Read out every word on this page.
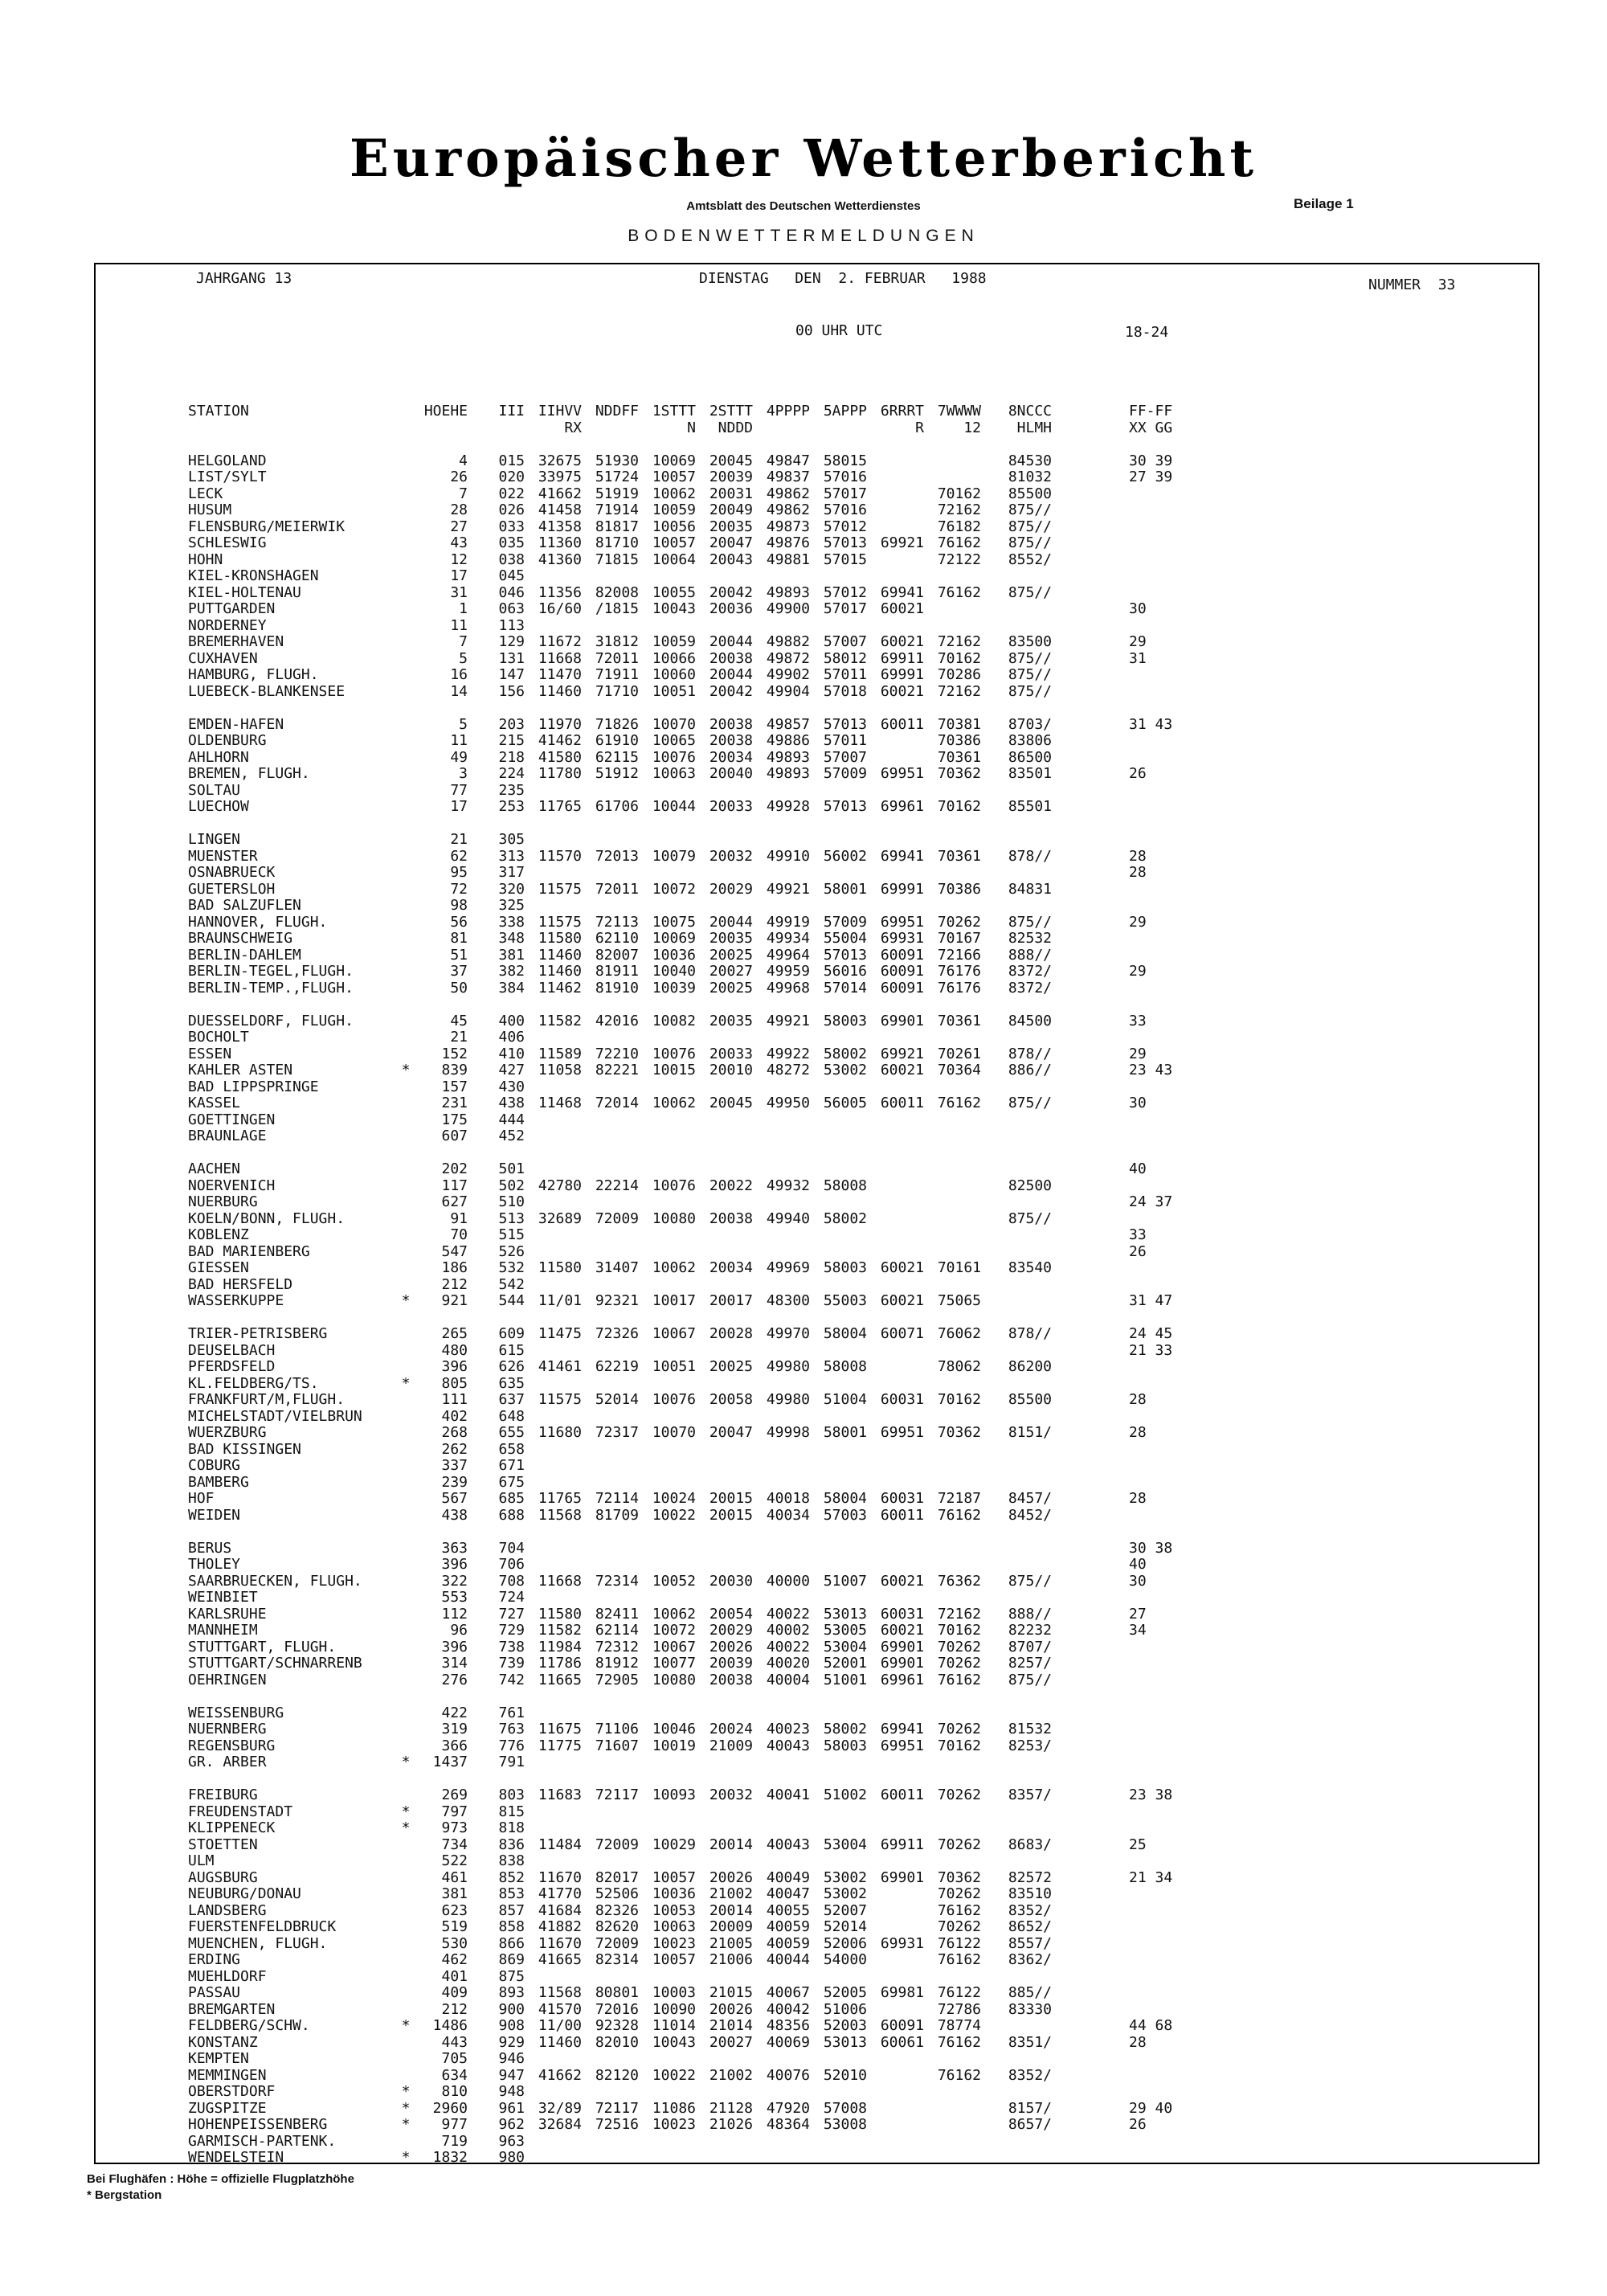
Europäischer Wetterbericht
Amtsblatt des Deutschen Wetterdienstes	Beilage 1
BODENWETTERMELDUNGEN
JAHRGANG 13	DIENSTAG   DEN  2. FEBRUAR   1988	NUMMER  33
00 UHR UTC	18-24
STATION		HOEHE	III	IIHVV	NDDFF	1STTT	2STTT	4PPPP	5APPP	6RRRT	7WWWW	8NCCC		FF-FF
				RX		N	NDDD			R	12	HLMH		XX GG

HELGOLAND		4	015	32675	51930	10069	20045	49847	58015			84530		30 39
LIST/SYLT		26	020	33975	51724	10057	20039	49837	57016			81032		27 39
LECK		7	022	41662	51919	10062	20031	49862	57017		70162	85500		
HUSUM		28	026	41458	71914	10059	20049	49862	57016		72162	875//		
FLENSBURG/MEIERWIK		27	033	41358	81817	10056	20035	49873	57012		76182	875//		
SCHLESWIG		43	035	11360	81710	10057	20047	49876	57013	69921	76162	875//		
HOHN		12	038	41360	71815	10064	20043	49881	57015		72122	8552/		
KIEL-KRONSHAGEN		17	045											
KIEL-HOLTENAU		31	046	11356	82008	10055	20042	49893	57012	69941	76162	875//		
PUTTGARDEN		1	063	16/60	/1815	10043	20036	49900	57017	60021				30
NORDERNEY		11	113											
BREMERHAVEN		7	129	11672	31812	10059	20044	49882	57007	60021	72162	83500		29
CUXHAVEN		5	131	11668	72011	10066	20038	49872	58012	69911	70162	875//		31
HAMBURG, FLUGH.		16	147	11470	71911	10060	20044	49902	57011	69991	70286	875//		
LUEBECK-BLANKENSEE		14	156	11460	71710	10051	20042	49904	57018	60021	72162	875//		

EMDEN-HAFEN		5	203	11970	71826	10070	20038	49857	57013	60011	70381	8703/		31 43
OLDENBURG		11	215	41462	61910	10065	20038	49886	57011		70386	83806		
AHLHORN		49	218	41580	62115	10076	20034	49893	57007		70361	86500		
BREMEN, FLUGH.		3	224	11780	51912	10063	20040	49893	57009	69951	70362	83501		26
SOLTAU		77	235											
LUECHOW		17	253	11765	61706	10044	20033	49928	57013	69961	70162	85501		

LINGEN		21	305											
MUENSTER		62	313	11570	72013	10079	20032	49910	56002	69941	70361	878//		28
OSNABRUECK		95	317											28
GUETERSLOH		72	320	11575	72011	10072	20029	49921	58001	69991	70386	84831		
BAD SALZUFLEN		98	325											
HANNOVER, FLUGH.		56	338	11575	72113	10075	20044	49919	57009	69951	70262	875//		29
BRAUNSCHWEIG		81	348	11580	62110	10069	20035	49934	55004	69931	70167	82532		
BERLIN-DAHLEM		51	381	11460	82007	10036	20025	49964	57013	60091	72166	888//		
BERLIN-TEGEL,FLUGH.		37	382	11460	81911	10040	20027	49959	56016	60091	76176	8372/		29
BERLIN-TEMP.,FLUGH.		50	384	11462	81910	10039	20025	49968	57014	60091	76176	8372/		

DUESSELDORF, FLUGH.		45	400	11582	42016	10082	20035	49921	58003	69901	70361	84500		33
BOCHOLT		21	406											
ESSEN		152	410	11589	72210	10076	20033	49922	58002	69921	70261	878//		29
KAHLER ASTEN	*	839	427	11058	82221	10015	20010	48272	53002	60021	70364	886//		23 43
BAD LIPPSPRINGE		157	430											
KASSEL		231	438	11468	72014	10062	20045	49950	56005	60011	76162	875//		30
GOETTINGEN		175	444											
BRAUNLAGE		607	452											

AACHEN		202	501											40
NOERVENICH		117	502	42780	22214	10076	20022	49932	58008			82500		
NUERBURG		627	510											24 37
KOELN/BONN, FLUGH.		91	513	32689	72009	10080	20038	49940	58002			875//		
KOBLENZ		70	515											33
BAD MARIENBERG		547	526											26
GIESSEN		186	532	11580	31407	10062	20034	49969	58003	60021	70161	83540		
BAD HERSFELD		212	542											
WASSERKUPPE	*	921	544	11/01	92321	10017	20017	48300	55003	60021	75065			31 47

TRIER-PETRISBERG		265	609	11475	72326	10067	20028	49970	58004	60071	76062	878//		24 45
DEUSELBACH		480	615											21 33
PFERDSFELD		396	626	41461	62219	10051	20025	49980	58008		78062	86200		
KL.FELDBERG/TS.	*	805	635											
FRANKFURT/M,FLUGH.		111	637	11575	52014	10076	20058	49980	51004	60031	70162	85500		28
MICHELSTADT/VIELBRUN		402	648											
WUERZBURG		268	655	11680	72317	10070	20047	49998	58001	69951	70362	8151/		28
BAD KISSINGEN		262	658											
COBURG		337	671											
BAMBERG		239	675											
HOF		567	685	11765	72114	10024	20015	40018	58004	60031	72187	8457/		28
WEIDEN		438	688	11568	81709	10022	20015	40034	57003	60011	76162	8452/		

BERUS		363	704											30 38
THOLEY		396	706											40
SAARBRUECKEN, FLUGH.		322	708	11668	72314	10052	20030	40000	51007	60021	76362	875//		30
WEINBIET		553	724											
KARLSRUHE		112	727	11580	82411	10062	20054	40022	53013	60031	72162	888//		27
MANNHEIM		96	729	11582	62114	10072	20029	40002	53005	60021	70162	82232		34
STUTTGART, FLUGH.		396	738	11984	72312	10067	20026	40022	53004	69901	70262	8707/		
STUTTGART/SCHNARRENB		314	739	11786	81912	10077	20039	40020	52001	69901	70262	8257/		
OEHRINGEN		276	742	11665	72905	10080	20038	40004	51001	69961	76162	875//		

WEISSENBURG		422	761											
NUERNBERG		319	763	11675	71106	10046	20024	40023	58002	69941	70262	81532		
REGENSBURG		366	776	11775	71607	10019	21009	40043	58003	69951	70162	8253/		
GR. ARBER	*	1437	791											

FREIBURG		269	803	11683	72117	10093	20032	40041	51002	60011	70262	8357/		23 38
FREUDENSTADT	*	797	815											
KLIPPENECK	*	973	818											
STOETTEN		734	836	11484	72009	10029	20014	40043	53004	69911	70262	8683/		25
ULM		522	838											
AUGSBURG		461	852	11670	82017	10057	20026	40049	53002	69901	70362	82572		21 34
NEUBURG/DONAU		381	853	41770	52506	10036	21002	40047	53002		70262	83510		
LANDSBERG		623	857	41684	82326	10053	20014	40055	52007		76162	8352/		
FUERSTENFELDBRUCK		519	858	41882	82620	10063	20009	40059	52014		70262	8652/		
MUENCHEN, FLUGH.		530	866	11670	72009	10023	21005	40059	52006	69931	76122	8557/		
ERDING		462	869	41665	82314	10057	21006	40044	54000		76162	8362/		
MUEHLDORF		401	875											
PASSAU		409	893	11568	80801	10003	21015	40067	52005	69981	76122	885//		
BREMGARTEN		212	900	41570	72016	10090	20026	40042	51006		72786	83330		
FELDBERG/SCHW.	*	1486	908	11/00	92328	11014	21014	48356	52003	60091	78774			44 68
KONSTANZ		443	929	11460	82010	10043	20027	40069	53013	60061	76162	8351/		28
KEMPTEN		705	946											
MEMMINGEN		634	947	41662	82120	10022	21002	40076	52010		76162	8352/		
OBERSTDORF	*	810	948											
ZUGSPITZE	*	2960	961	32/89	72117	11086	21128	47920	57008			8157/		29 40
HOHENPEISSENBERG	*	977	962	32684	72516	10023	21026	48364	53008			8657/		26
GARMISCH-PARTENK.		719	963											
WENDELSTEIN	*	1832	980											
Bei Flughäfen : Höhe = offizielle Flugplatzhöhe
* Bergstation
